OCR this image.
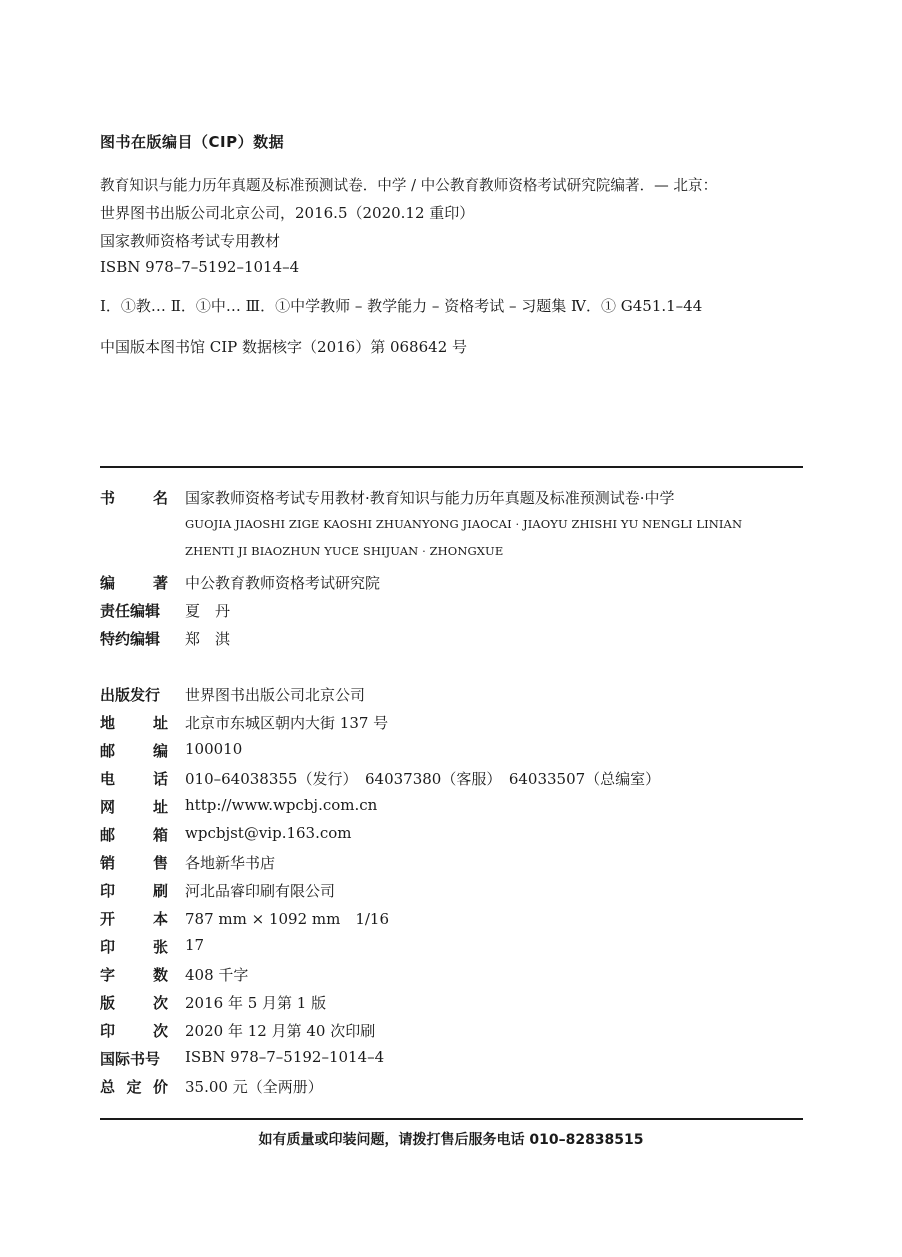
图书在版编目（CIP）数据
教育知识与能力历年真题及标准预测试卷．中学 / 中公教育教师资格考试研究院编著．— 北京：
世界图书出版公司北京公司，2016.5（2020.12 重印）
国家教师资格考试专用教材
ISBN 978–7–5192–1014–4
Ⅰ．①教… Ⅱ．①中… Ⅲ．①中学教师 – 教学能力 – 资格考试 – 习题集 Ⅳ．① G451.1–44
中国版本图书馆 CIP 数据核字（2016）第 068642 号
书	名 国家教师资格考试专用教材·教育知识与能力历年真题及标准预测试卷·中学
GUOJIA JIAOSHI ZIGE KAOSHI ZHUANYONG JIAOCAI · JIAOYU ZHISHI YU NENGLI LINIAN
ZHENTI JI BIAOZHUN YUCE SHIJUAN · ZHONGXUE
编	著 中公教育教师资格考试研究院
责任编辑	夏　丹
特约编辑	郑　淇
出版发行	世界图书出版公司北京公司
地	址 北京市东城区朝内大街 137 号
邮	编 100010
电	话 010–64038355（发行）　64037380（客服）　64033507（总编室）
网	址 http://www.wpcbj.com.cn
邮	箱 wpcbjst@vip.163.com
销	售 各地新华书店
印	刷 河北品睿印刷有限公司
开	本 787 mm × 1092 mm　1/16
印	张 17
字	数 408 千字
版	次 2016 年 5 月第 1 版
印	次 2020 年 12 月第 40 次印刷
国际书号	ISBN 978–7–5192–1014–4
总 定 价 35.00 元（全两册）
如有质量或印装问题，请拨打售后服务电话 010–82838515
